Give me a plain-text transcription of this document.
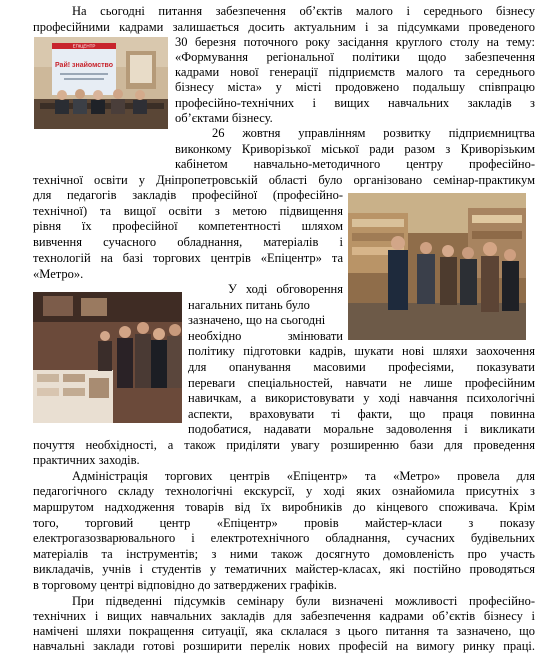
На сьогодні питання забезпечення об’єктів малого і середнього бізнесу
професійними кадрами залишається досить актуальним і за підсумками проведеного
30 березня поточного року засідання круглого столу на тему:
«Формування регіональної політики щодо забезпечення
кадрами нової генерації підприємств малого та середнього
бізнесу міста» у місті продовжено подальшу співпрацю
професійно-технічних і вищих навчальних закладів з
об’єктами бізнесу.
26 жовтня управлінням розвитку підприємництва
виконкому Криворізької міської ради разом з Криворізьким
кабінетом навчально-методичного центру професійно-
технічної освіти у Дніпропетровській області було організовано семінар-практикум
для педагогів закладів професійної (професійно-
технічної) та вищої освіти з метою підвищення
рівня їх професійної компетентності шляхом
вивчення сучасного обладнання, матеріалів і
технологій на базі торгових центрів «Епіцентр» та
«Метро».
У ході обговорення
нагальних питань було
зазначено, що на сьогодні
необхідно змінювати
політику підготовки кадрів, шукати нові шляхи заохочення
для опанування масовими професіями, показувати
переваги спеціальностей, навчати не лише професійним
навичкам, а використовувати у ході навчання психологічні
аспекти, враховувати ті факти, що праця повинна
подобатися, надавати моральне задоволення і викликати
почуття необхідності, а також приділяти увагу розширенню бази для проведення
практичних заходів.
Адміністрація торгових центрів «Епіцентр» та «Метро» провела для
педагогічного складу технологічні екскурсії, у ході яких ознайомила присутніх з
маршрутом надходження товарів від їх виробників до кінцевого споживача. Крім
того, торговий центр «Епіцентр» провів майстер-класи з показу
електрогазозварювального і електротехнічного обладнання, сучасних будівельних
матеріалів та інструментів; з ними також досягнуто домовленість про участь
викладачів, учнів і студентів у тематичних майстер-класах, які постійно проводяться
в торговому центрі відповідно до затверджених графіків.
При підведенні підсумків семінару були визначені можливості професійно-
технічних і вищих навчальних закладів для забезпечення кадрами об’єктів бізнесу і
намічені шляхи покращення ситуації, яка склалася з цього питання та зазначено, що
навчальні заклади готові розширити перелік нових професій на вимогу ринку праці.
ЕПІЦЕНТР
Рай! знайомство
